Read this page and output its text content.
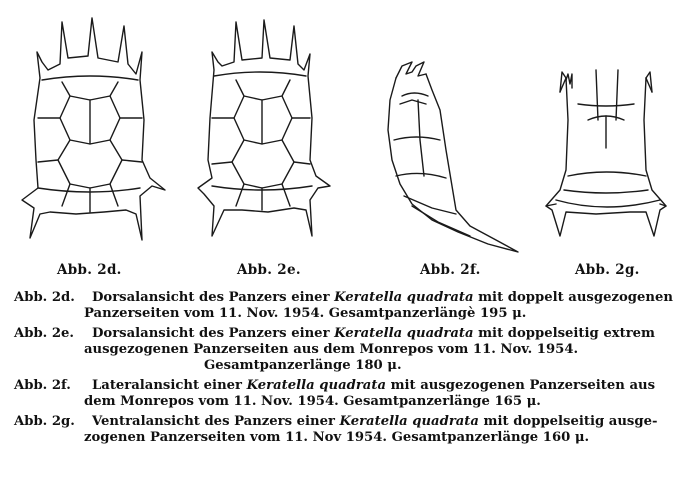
Abb. 2d.	Abb. 2e.	Abb. 2f.	Abb. 2g.
Abb. 2d. Dorsalansicht des Panzers einer Keratella quadrata mit doppelt ausgezogenen
Panzerseiten vom 11. Nov. 1954. Gesamtpanzerlängè 195 μ.
Abb. 2e. Dorsalansicht des Panzers einer Keratella quadrata mit doppelseitig extrem
ausgezogenen Panzerseiten aus dem Monrepos vom 11. Nov. 1954.
Gesamtpanzerlänge 180 μ.
Abb. 2f. Lateralansicht einer Keratella quadrata mit ausgezogenen Panzerseiten aus
dem Monrepos vom 11. Nov. 1954. Gesamtpanzerlänge 165 μ.
Abb. 2g. Ventralansicht des Panzers einer Keratella quadrata mit doppelseitig ausge-
zogenen Panzerseiten vom 11. Nov 1954. Gesamtpanzerlänge 160 μ.
